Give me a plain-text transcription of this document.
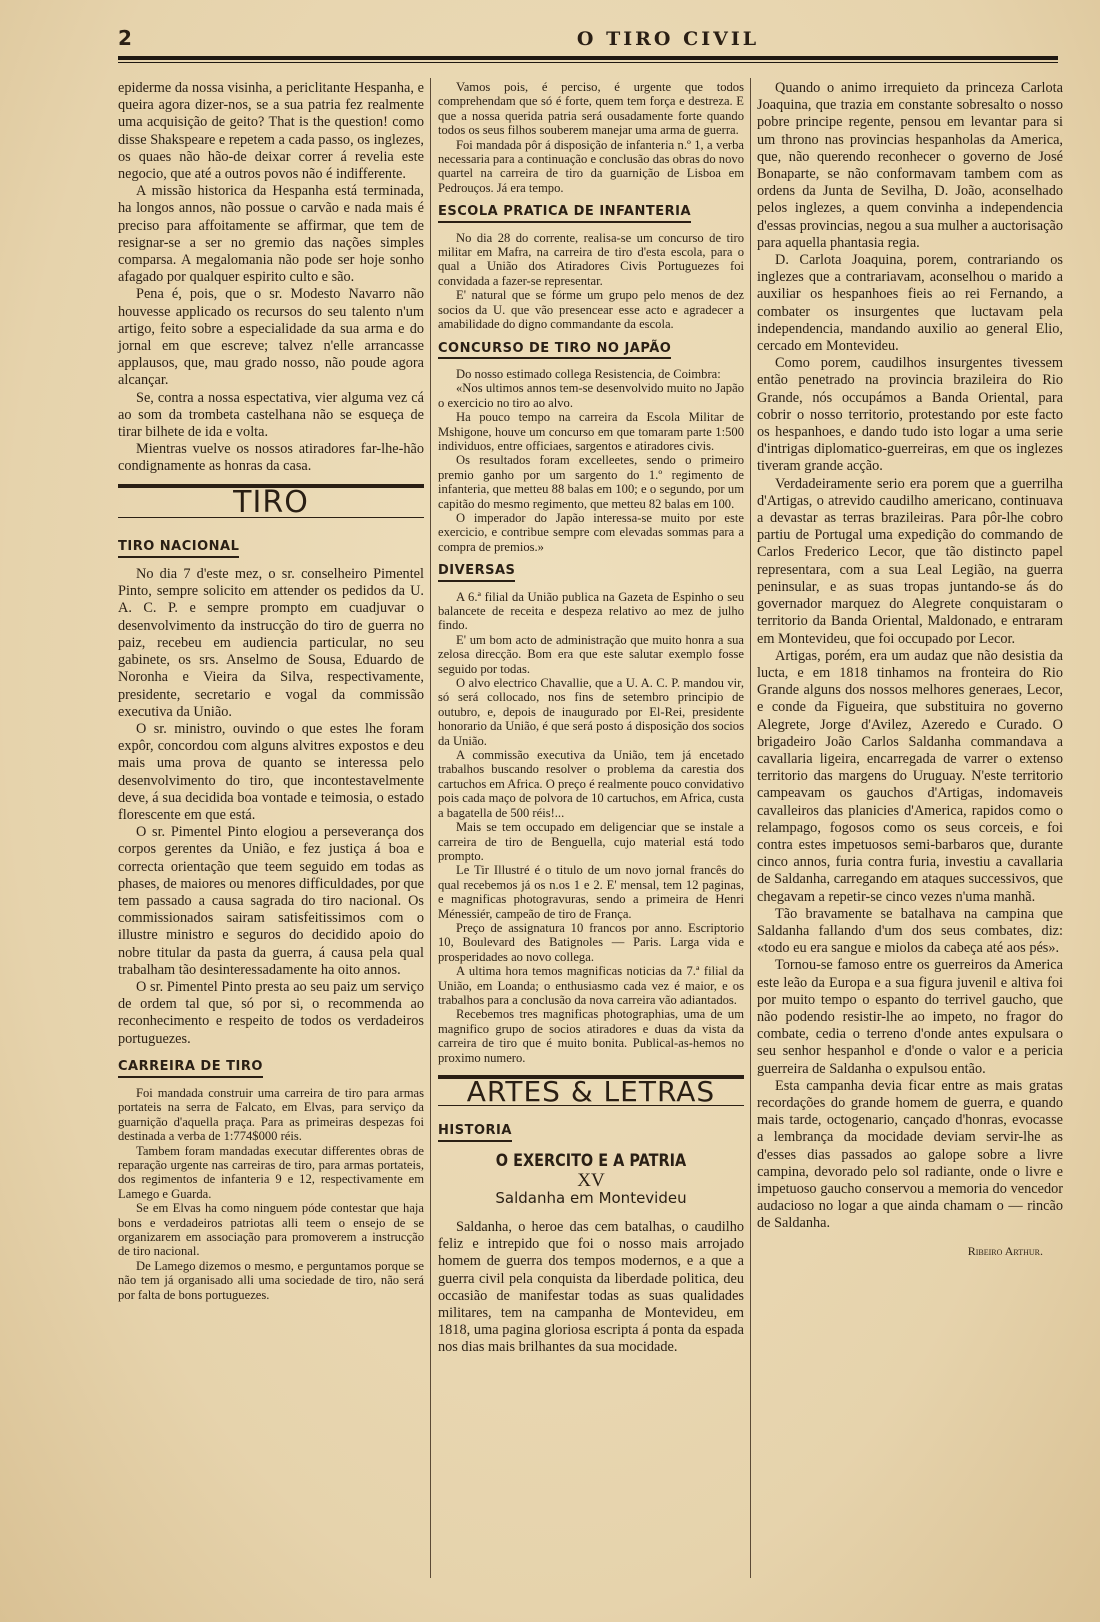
2	O TIRO CIVIL

epiderme da nossa visinha, a periclitante Hespanha, e queira agora dizer-nos, se a sua patria fez realmente uma acquisição de geito? That is the question! como disse Shakspeare e repetem a cada passo, os inglezes, os quaes não hão-de deixar correr á revelia este negocio, que até a outros povos não é indifferente.

A missão historica da Hespanha está terminada, ha longos annos, não possue o carvão e nada mais é preciso para affoitamente se affirmar, que tem de resignar-se a ser no gremio das nações simples comparsa. A megalomania não pode ser hoje sonho afagado por qualquer espirito culto e são.

Pena é, pois, que o sr. Modesto Navarro não houvesse applicado os recursos do seu talento n'um artigo, feito sobre a especialidade da sua arma e do jornal em que escreve; talvez n'elle arrancasse applausos, que, mau grado nosso, não poude agora alcançar.

Se, contra a nossa espectativa, vier alguma vez cá ao som da trombeta castelhana não se esqueça de tirar bilhete de ida e volta.

Mientras vuelve os nossos atiradores far-lhe-hão condignamente as honras da casa.

TIRO
TIRO NACIONAL

No dia 7 d'este mez, o sr. conselheiro Pimentel Pinto, sempre solicito em attender os pedidos da U. A. C. P. e sempre prompto em cuadjuvar o desenvolvimento da instrucção do tiro de guerra no paiz, recebeu em audiencia particular, no seu gabinete, os srs. Anselmo de Sousa, Eduardo de Noronha e Vieira da Silva, respectivamente, presidente, secretario e vogal da commissão executiva da União.

O sr. ministro, ouvindo o que estes lhe foram expôr, concordou com alguns alvitres expostos e deu mais uma prova de quanto se interessa pelo desenvolvimento do tiro, que incontestavelmente deve, á sua decidida boa vontade e teimosia, o estado florescente em que está.

O sr. Pimentel Pinto elogiou a perseverança dos corpos gerentes da União, e fez justiça á boa e correcta orientação que teem seguido em todas as phases, de maiores ou menores difficuldades, por que tem passado a causa sagrada do tiro nacional. Os commissionados sairam satisfeitissimos com o illustre ministro e seguros do decidido apoio do nobre titular da pasta da guerra, á causa pela qual trabalham tão desinteressadamente ha oito annos.

O sr. Pimentel Pinto presta ao seu paiz um serviço de ordem tal que, só por si, o recommenda ao reconhecimento e respeito de todos os verdadeiros portuguezes.

CARREIRA DE TIRO

Foi mandada construir uma carreira de tiro para armas portateis na serra de Falcato, em Elvas, para serviço da guarnição d'aquella praça. Para as primeiras despezas foi destinada a verba de 1:774$000 réis.

Tambem foram mandadas executar differentes obras de reparação urgente nas carreiras de tiro, para armas portateis, dos regimentos de infanteria 9 e 12, respectivamente em Lamego e Guarda.

Se em Elvas ha como ninguem póde contestar que haja bons e verdadeiros patriotas alli teem o ensejo de se organizarem em associação para promoverem a instrucção de tiro nacional.

De Lamego dizemos o mesmo, e perguntamos porque se não tem já organisado alli uma sociedade de tiro, não será por falta de bons portuguezes.

Vamos pois, é perciso, é urgente que todos comprehendam que só é forte, quem tem força e destreza. E que a nossa querida patria será ousadamente forte quando todos os seus filhos souberem manejar uma arma de guerra.

Foi mandada pôr á disposição de infanteria n.º 1, a verba necessaria para a continuação e conclusão das obras do novo quartel na carreira de tiro da guarnição de Lisboa em Pedrouços. Já era tempo.

ESCOLA PRATICA DE INFANTERIA

No dia 28 do corrente, realisa-se um concurso de tiro militar em Mafra, na carreira de tiro d'esta escola, para o qual a União dos Atiradores Civis Portuguezes foi convidada a fazer-se representar.

E' natural que se fórme um grupo pelo menos de dez socios da U. que vão presencear esse acto e agradecer a amabilidade do digno commandante da escola.

CONCURSO DE TIRO NO JAPÃO

Do nosso estimado collega Resistencia, de Coimbra:

«Nos ultimos annos tem-se desenvolvido muito no Japão o exercicio no tiro ao alvo.

Ha pouco tempo na carreira da Escola Militar de Mshigone, houve um concurso em que tomaram parte 1:500 individuos, entre officiaes, sargentos e atiradores civis.

Os resultados foram excelleetes, sendo o primeiro premio ganho por um sargento do 1.º regimento de infanteria, que metteu 88 balas em 100; e o segundo, por um capitão do mesmo regimento, que metteu 82 balas em 100.

O imperador do Japão interessa-se muito por este exercicio, e contribue sempre com elevadas sommas para a compra de premios.»

DIVERSAS

A 6.ª filial da União publica na Gazeta de Espinho o seu balancete de receita e despeza relativo ao mez de julho findo.

E' um bom acto de administração que muito honra a sua zelosa direcção. Bom era que este salutar exemplo fosse seguido por todas.

O alvo electrico Chavallie, que a U. A. C. P. mandou vir, só será collocado, nos fins de setembro principio de outubro, e, depois de inaugurado por El-Rei, presidente honorario da União, é que será posto á disposição dos socios da União.

A commissão executiva da União, tem já encetado trabalhos buscando resolver o problema da carestia dos cartuchos em Africa. O preço é realmente pouco convidativo pois cada maço de polvora de 10 cartuchos, em Africa, custa a bagatella de 500 réis!...

Mais se tem occupado em deligenciar que se instale a carreira de tiro de Benguella, cujo material está todo prompto.

Le Tir Illustré é o titulo de um novo jornal francês do qual recebemos já os n.os 1 e 2. E' mensal, tem 12 paginas, e magnificas photogravuras, sendo a primeira de Henri Ménessiér, campeão de tiro de França.

Preço de assignatura 10 francos por anno. Escriptorio 10, Boulevard des Batignoles — Paris. Larga vida e prosperidades ao novo collega.

A ultima hora temos magnificas noticias da 7.ª filial da União, em Loanda; o enthusiasmo cada vez é maior, e os trabalhos para a conclusão da nova carreira vão adiantados.

Recebemos tres magnificas photographias, uma de um magnifico grupo de socios atiradores e duas da vista da carreira de tiro que é muito bonita. Publical-as-hemos no proximo numero.

ARTES & LETRAS
HISTORIA
O EXERCITO E A PATRIA
XV
Saldanha em Montevideu

Saldanha, o heroe das cem batalhas, o caudilho feliz e intrepido que foi o nosso mais arrojado homem de guerra dos tempos modernos, e a que a guerra civil pela conquista da liberdade politica, deu occasião de manifestar todas as suas qualidades militares, tem na campanha de Montevideu, em 1818, uma pagina gloriosa escripta á ponta da espada nos dias mais brilhantes da sua mocidade.

Quando o animo irrequieto da princeza Carlota Joaquina, que trazia em constante sobresalto o nosso pobre principe regente, pensou em levantar para si um throno nas provincias hespanholas da America, que, não querendo reconhecer o governo de José Bonaparte, se não conformavam tambem com as ordens da Junta de Sevilha, D. João, aconselhado pelos inglezes, a quem convinha a independencia d'essas provincias, negou a sua mulher a auctorisação para aquella phantasia regia.

D. Carlota Joaquina, porem, contrariando os inglezes que a contrariavam, aconselhou o marido a auxiliar os hespanhoes fieis ao rei Fernando, a combater os insurgentes que luctavam pela independencia, mandando auxilio ao general Elio, cercado em Montevideu.

Como porem, caudilhos insurgentes tivessem então penetrado na provincia brazileira do Rio Grande, nós occupámos a Banda Oriental, para cobrir o nosso territorio, protestando por este facto os hespanhoes, e dando tudo isto logar a uma serie d'intrigas diplomatico-guerreiras, em que os inglezes tiveram grande acção.

Verdadeiramente serio era porem que a guerrilha d'Artigas, o atrevido caudilho americano, continuava a devastar as terras brazileiras. Para pôr-lhe cobro partiu de Portugal uma expedição do commando de Carlos Frederico Lecor, que tão distincto papel representara, com a sua Leal Legião, na guerra peninsular, e as suas tropas juntando-se ás do governador marquez do Alegrete conquistaram o territorio da Banda Oriental, Maldonado, e entraram em Montevideu, que foi occupado por Lecor.

Artigas, porém, era um audaz que não desistia da lucta, e em 1818 tinhamos na fronteira do Rio Grande alguns dos nossos melhores generaes, Lecor, e conde da Figueira, que substituira no governo Alegrete, Jorge d'Avilez, Azeredo e Curado. O brigadeiro João Carlos Saldanha commandava a cavallaria ligeira, encarregada de varrer o extenso territorio das margens do Uruguay. N'este territorio campeavam os gauchos d'Artigas, indomaveis cavalleiros das planicies d'America, rapidos como o relampago, fogosos como os seus corceis, e foi contra estes impetuosos semi-barbaros que, durante cinco annos, furia contra furia, investiu a cavallaria de Saldanha, carregando em ataques successivos, que chegavam a repetir-se cinco vezes n'uma manhã.

Tão bravamente se batalhava na campina que Saldanha fallando d'um dos seus combates, diz: «todo eu era sangue e miolos da cabeça até aos pés».

Tornou-se famoso entre os guerreiros da America este leão da Europa e a sua figura juvenil e altiva foi por muito tempo o espanto do terrivel gaucho, que não podendo resistir-lhe ao impeto, no fragor do combate, cedia o terreno d'onde antes expulsara o seu senhor hespanhol e d'onde o valor e a pericia guerreira de Saldanha o expulsou então.

Esta campanha devia ficar entre as mais gratas recordações do grande homem de guerra, e quando mais tarde, octogenario, cançado d'honras, evocasse a lembrança da mocidade deviam servir-lhe as d'esses dias passados ao galope sobre a livre campina, devorado pelo sol radiante, onde o livre e impetuoso gaucho conservou a memoria do vencedor audacioso no logar a que ainda chamam o — rincão de Saldanha.

Ribeiro Arthur.
